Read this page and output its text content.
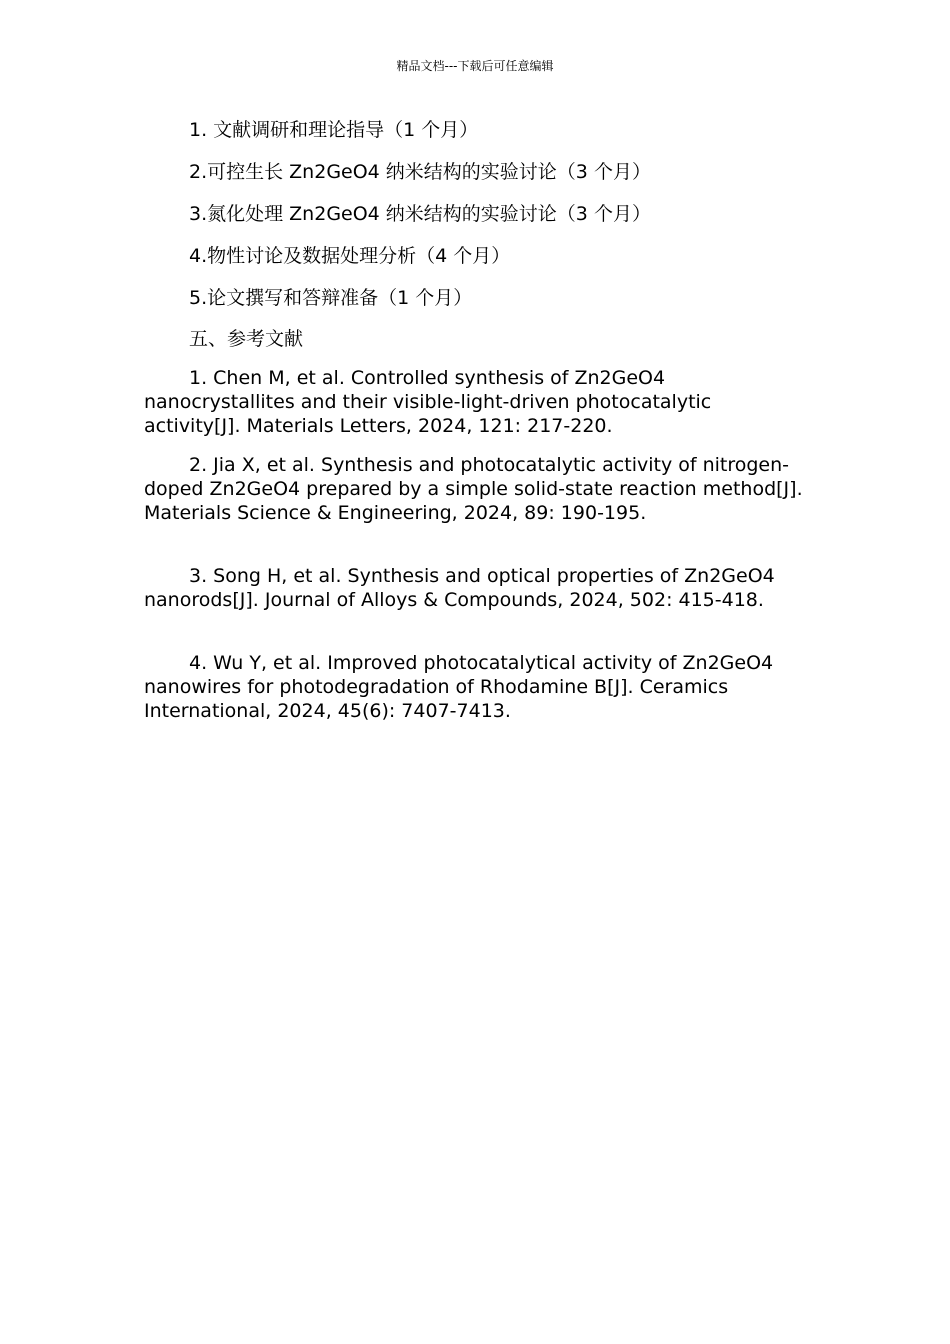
精品文档---下载后可任意编辑
1. 文献调研和理论指导（1 个月）
2.可控生长 Zn2GeO4 纳米结构的实验讨论（3 个月）
3.氮化处理 Zn2GeO4 纳米结构的实验讨论（3 个月）
4.物性讨论及数据处理分析（4 个月）
5.论文撰写和答辩准备（1 个月）
五、参考文献

1. Chen M, et al. Controlled synthesis of Zn2GeO4 nanocrystallites and their visible-light-driven photocatalytic activity[J]. Materials Letters, 2024, 121: 217-220.

2. Jia X, et al. Synthesis and photocatalytic activity of nitrogen-doped Zn2GeO4 prepared by a simple solid-state reaction method[J]. Materials Science & Engineering, 2024, 89: 190-195.

3. Song H, et al. Synthesis and optical properties of Zn2GeO4 nanorods[J]. Journal of Alloys & Compounds, 2024, 502: 415-418.

4. Wu Y, et al. Improved photocatalytical activity of Zn2GeO4 nanowires for photodegradation of Rhodamine B[J]. Ceramics International, 2024, 45(6): 7407-7413.
